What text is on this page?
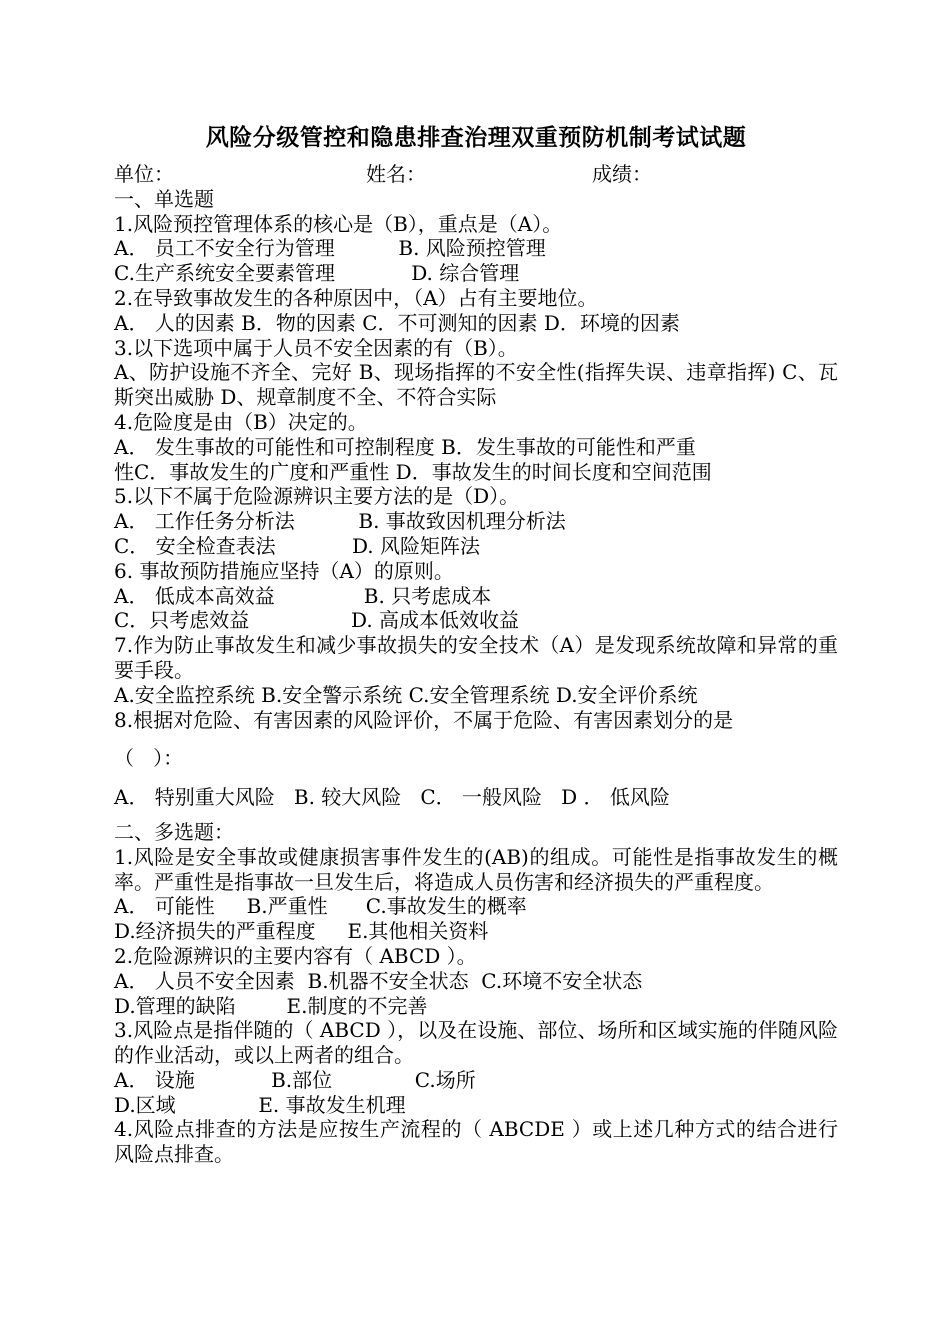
风险分级管控和隐患排查治理双重预防机制考试试题
单位：	姓名：	成绩：
一、单选题
1.风险预控管理体系的核心是（B），重点是（A）。
A． 员工不安全行为管理          B. 风险预控管理
C.生产系统安全要素管理            D. 综合管理
2.在导致事故发生的各种原因中，（A）占有主要地位。
A． 人的因素 B．物的因素 C．不可测知的因素 D．环境的因素
3.以下选项中属于人员不安全因素的有（B）。
A、防护设施不齐全、完好 B、现场指挥的不安全性(指挥失误、违章指挥) C、瓦斯突出威胁 D、规章制度不全、不符合实际
4.危险度是由（B）决定的。
A． 发生事故的可能性和可控制程度 B．发生事故的可能性和严重
性C．事故发生的广度和严重性 D．事故发生的时间长度和空间范围
5.以下不属于危险源辨识主要方法的是（D）。
A． 工作任务分析法          B. 事故致因机理分析法
C． 安全检查表法            D. 风险矩阵法
6. 事故预防措施应坚持（A）的原则。
A． 低成本高效益              B. 只考虑成本
C．只考虑效益                D. 高成本低效收益
7.作为防止事故发生和减少事故损失的安全技术（A）是发现系统故障和异常的重要手段。
A.安全监控系统 B.安全警示系统 C.安全管理系统 D.安全评价系统
8.根据对危险、有害因素的风险评价，不属于危险、有害因素划分的是
（   ）：
A． 特别重大风险   B. 较大风险   C． 一般风险   D ． 低风险
二、多选题：
1.风险是安全事故或健康损害事件发生的(AB)的组成。可能性是指事故发生的概率。严重性是指事故一旦发生后，将造成人员伤害和经济损失的严重程度。
A． 可能性     B.严重性      C.事故发生的概率
D.经济损失的严重程度     E.其他相关资料
2.危险源辨识的主要内容有（ ABCD ）。
A． 人员不安全因素  B.机器不安全状态  C.环境不安全状态
D.管理的缺陷        E.制度的不完善
3.风险点是指伴随的（ ABCD ），以及在设施、部位、场所和区域实施的伴随风险的作业活动，或以上两者的组合。
A． 设施            B.部位             C.场所
D.区域             E. 事故发生机理
4.风险点排查的方法是应按生产流程的（ ABCDE ）或上述几种方式的结合进行风险点排查。
